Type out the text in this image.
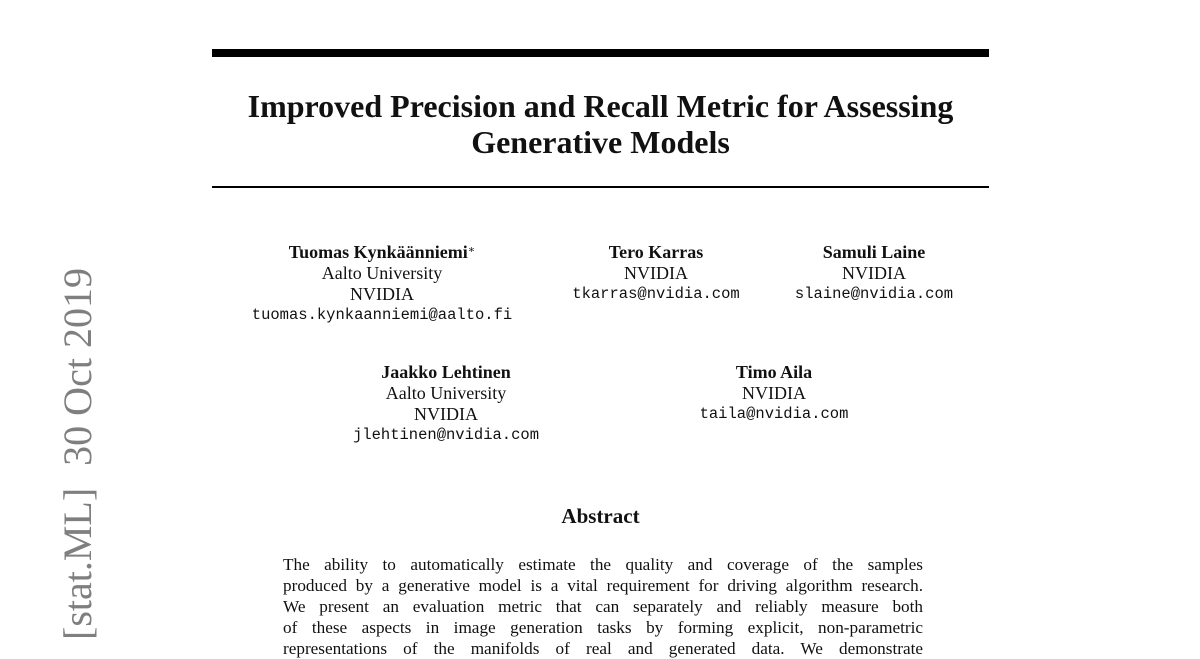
[stat.ML]30 Oct 2019
Improved Precision and Recall Metric for Assessing
Generative Models
Tuomas Kynkäänniemi∗
Aalto University
NVIDIA
tuomas.kynkaanniemi@aalto.fi
Tero Karras
NVIDIA
tkarras@nvidia.com
Samuli Laine
NVIDIA
slaine@nvidia.com
Jaakko Lehtinen
Aalto University
NVIDIA
jlehtinen@nvidia.com
Timo Aila
NVIDIA
taila@nvidia.com
Abstract
The ability to automatically estimate the quality and coverage of the samples
produced by a generative model is a vital requirement for driving algorithm research.
We present an evaluation metric that can separately and reliably measure both
of these aspects in image generation tasks by forming explicit, non-parametric
representations of the manifolds of real and generated data. We demonstrate
